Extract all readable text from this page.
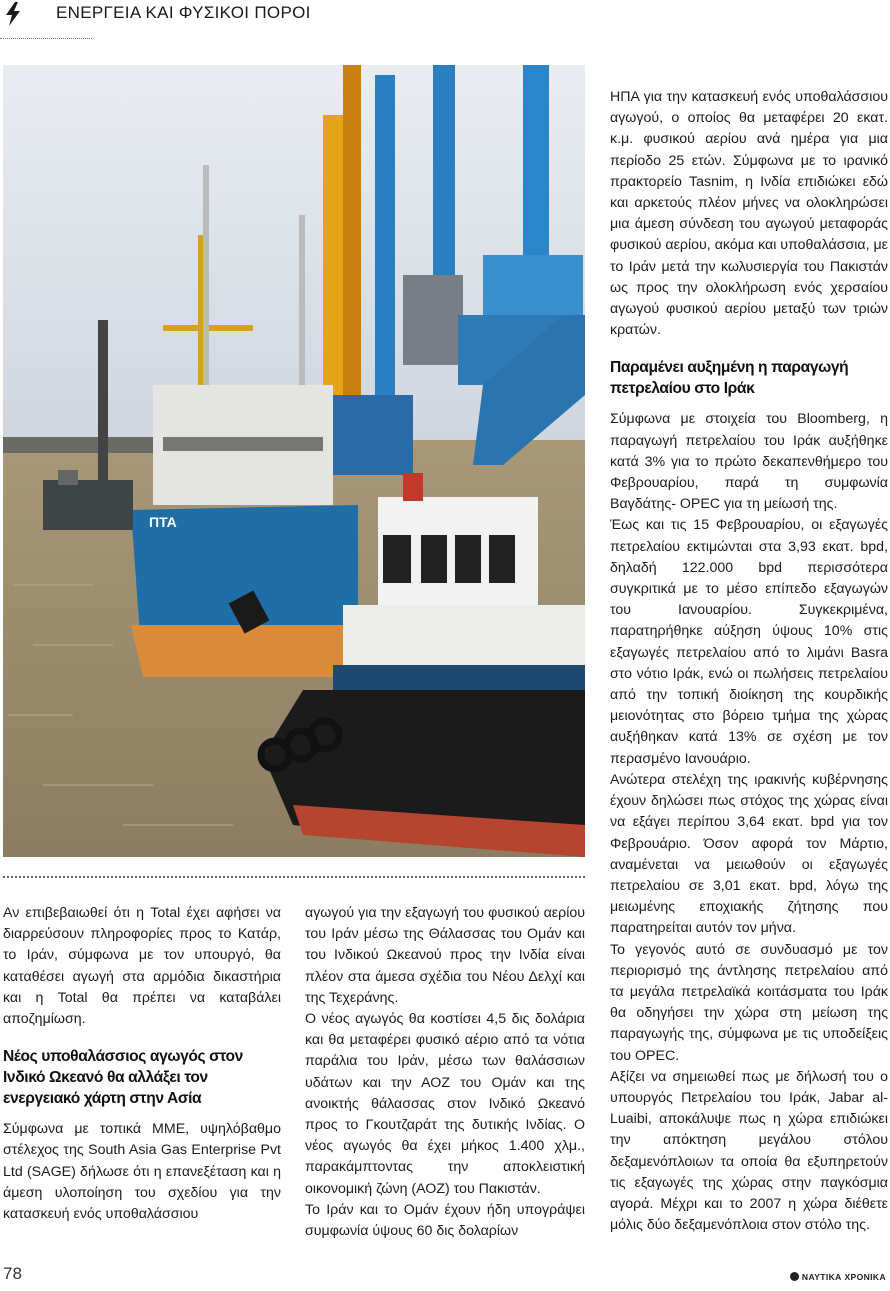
ΕΝΕΡΓΕΙΑ ΚΑΙ ΦΥΣΙΚΟΙ ΠΟΡΟΙ
ΠΤΑ

Αν επιβεβαιωθεί ότι η Total έχει αφήσει να διαρρεύσουν πληροφορίες προς το Κατάρ, το Ιράν, σύμφωνα με τον υπουργό, θα καταθέσει αγωγή στα αρμόδια δικαστήρια και η Total θα πρέπει να καταβάλει αποζημίωση.

Νέος υποθαλάσσιος αγωγός στον Ινδικό Ωκεανό θα αλλάξει τον ενεργειακό χάρτη στην Ασία

Σύμφωνα με τοπικά ΜΜΕ, υψηλόβαθμο στέλεχος της South Asia Gas Enterprise Pvt Ltd (SAGE) δήλωσε ότι η επανεξέταση και η άμεση υλοποίηση του σχεδίου για την κατασκευή ενός υποθαλάσσιου

αγωγού για την εξαγωγή του φυσικού αερίου του Ιράν μέσω της Θάλασσας του Ομάν και του Ινδικού Ωκεανού προς την Ινδία είναι πλέον στα άμεσα σχέδια του Νέου Δελχί και της Τεχεράνης.

Ο νέος αγωγός θα κοστίσει 4,5 δις δολάρια και θα μεταφέρει φυσικό αέριο από τα νότια παράλια του Ιράν, μέσω των θαλάσσιων υδάτων και την ΑΟΖ του Ομάν και της ανοικτής θάλασσας στον Ινδικό Ωκεανό προς το Γκουτζαράτ της δυτικής Ινδίας. Ο νέος αγωγός θα έχει μήκος 1.400 χλμ., παρακάμπτοντας την αποκλειστική οικονομική ζώνη (ΑΟΖ) του Πακιστάν.

Το Ιράν και το Ομάν έχουν ήδη υπογράψει συμφωνία ύψους 60 δις δολαρίων

ΗΠΑ για την κατασκευή ενός υποθαλάσσιου αγωγού, ο οποίος θα μεταφέρει 20 εκατ. κ.μ. φυσικού αερίου ανά ημέρα για μια περίοδο 25 ετών. Σύμφωνα με το ιρανικό πρακτορείο Tasnim, η Ινδία επιδιώκει εδώ και αρκετούς πλέον μήνες να ολοκληρώσει μια άμεση σύνδεση του αγωγού μεταφοράς φυσικού αερίου, ακόμα και υποθαλάσσια, με το Ιράν μετά την κωλυσιεργία του Πακιστάν ως προς την ολοκλήρωση ενός χερσαίου αγωγού φυσικού αερίου μεταξύ των τριών κρατών.

Παραμένει αυξημένη η παραγωγή πετρελαίου στο Ιράκ

Σύμφωνα με στοιχεία του Bloomberg, η παραγωγή πετρελαίου του Ιράκ αυξήθηκε κατά 3% για το πρώτο δεκαπενθήμερο του Φεβρουαρίου, παρά τη συμφωνία Βαγδάτης- OPEC για τη μείωσή της.

Έως και τις 15 Φεβρουαρίου, οι εξαγωγές πετρελαίου εκτιμώνται στα 3,93 εκατ. bpd, δηλαδή 122.000 bpd περισσότερα συγκριτικά με το μέσο επίπεδο εξαγωγών του Ιανουαρίου. Συγκεκριμένα, παρατηρήθηκε αύξηση ύψους 10% στις εξαγωγές πετρελαίου από το λιμάνι Basra στο νότιο Ιράκ, ενώ οι πωλήσεις πετρελαίου από την τοπική διοίκηση της κουρδικής μειονότητας στο βόρειο τμήμα της χώρας αυξήθηκαν κατά 13% σε σχέση με τον περασμένο Ιανουάριο.

Ανώτερα στελέχη της ιρακινής κυβέρνησης έχουν δηλώσει πως στόχος της χώρας είναι να εξάγει περίπου 3,64 εκατ. bpd για τον Φεβρουάριο. Όσον αφορά τον Μάρτιο, αναμένεται να μειωθούν οι εξαγωγές πετρελαίου σε 3,01 εκατ. bpd, λόγω της μειωμένης εποχιακής ζήτησης που παρατηρείται αυτόν τον μήνα.

Το γεγονός αυτό σε συνδυασμό με τον περιορισμό της άντλησης πετρελαίου από τα μεγάλα πετρελαϊκά κοιτάσματα του Ιράκ θα οδηγήσει την χώρα στη μείωση της παραγωγής της, σύμφωνα με τις υποδείξεις του OPEC.

Αξίζει να σημειωθεί πως με δήλωσή του ο υπουργός Πετρελαίου του Ιράκ, Jabar al-Luaibi, αποκάλυψε πως η χώρα επιδιώκει την απόκτηση μεγάλου στόλου δεξαμενόπλοιων τα οποία θα εξυπηρετούν τις εξαγωγές της χώρας στην παγκόσμια αγορά. Μέχρι και το 2007 η χώρα διέθετε μόλις δύο δεξαμενόπλοια στον στόλο της.

78	ΝΑΥΤΙΚΑ ΧΡΟΝΙΚΑ
